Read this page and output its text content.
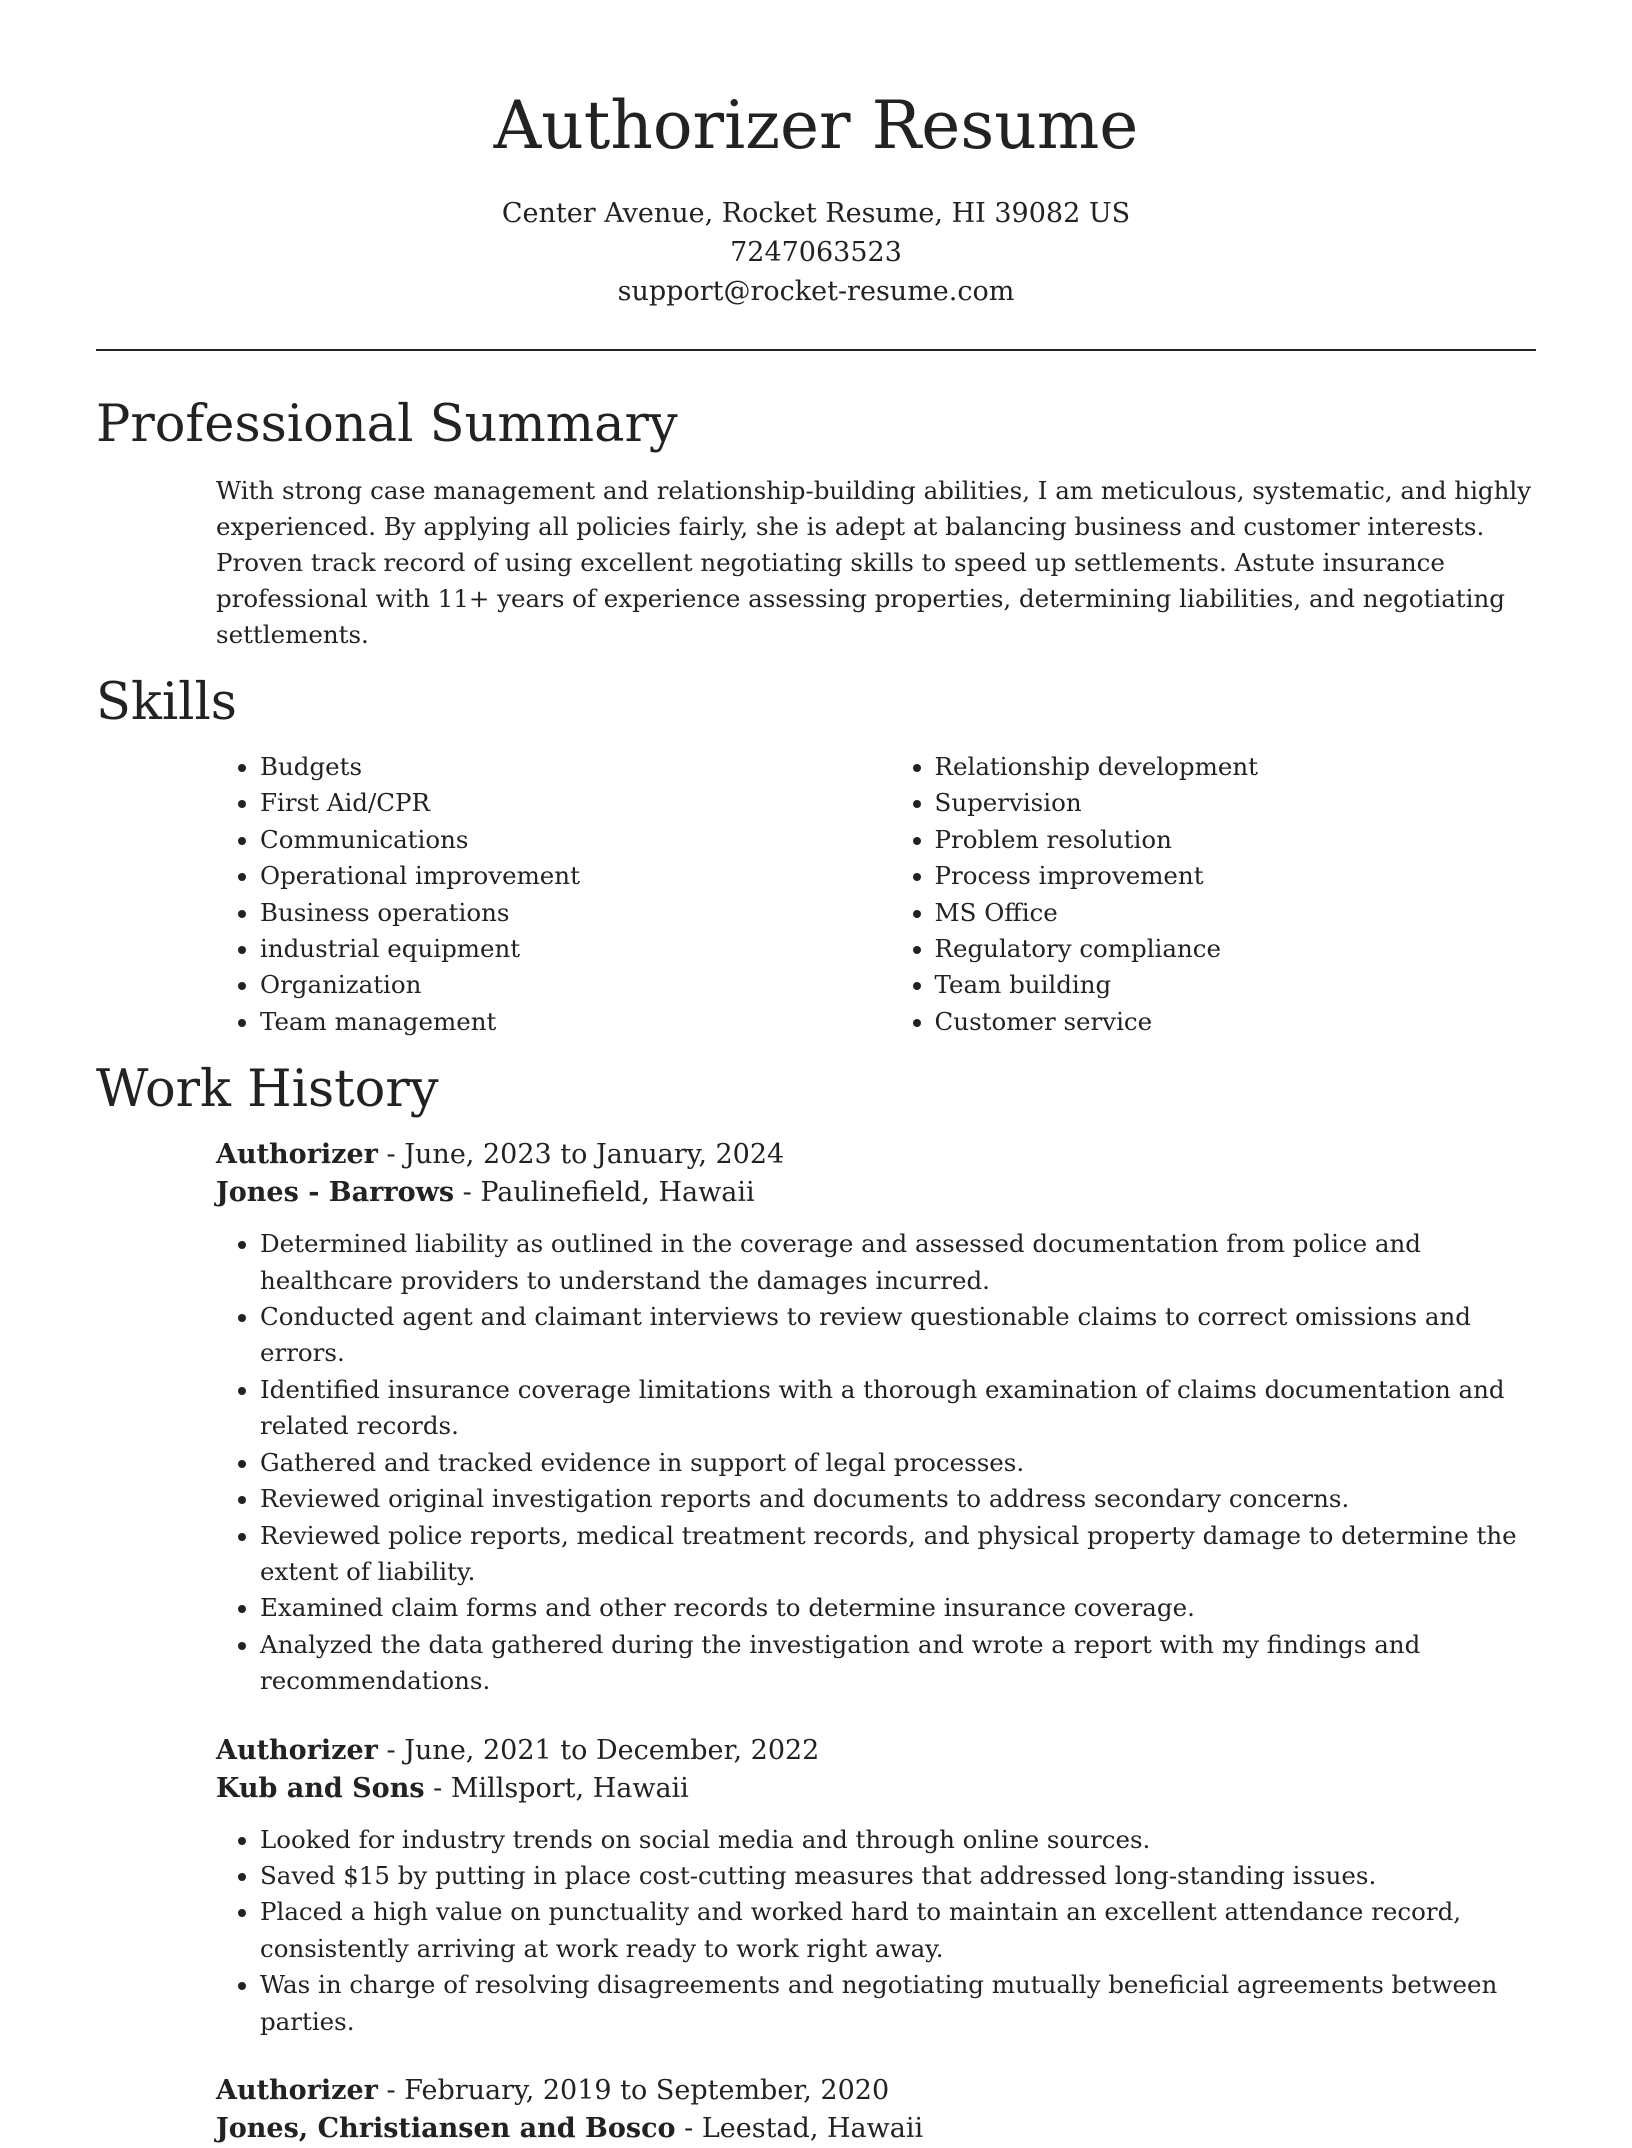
Authorizer Resume
Center Avenue, Rocket Resume, HI 39082 US
7247063523
support@rocket-resume.com
Professional Summary
With strong case management and relationship-building abilities, I am meticulous, systematic, and highly experienced. By applying all policies fairly, she is adept at balancing business and customer interests. Proven track record of using excellent negotiating skills to speed up settlements. Astute insurance professional with 11+ years of experience assessing properties, determining liabilities, and negotiating settlements.
Skills
• Budgets
• First Aid/CPR
• Communications
• Operational improvement
• Business operations
• industrial equipment
• Organization
• Team management
• Relationship development
• Supervision
• Problem resolution
• Process improvement
• MS Office
• Regulatory compliance
• Team building
• Customer service
Work History
Authorizer - June, 2023 to January, 2024
Jones - Barrows - Paulinefield, Hawaii
• Determined liability as outlined in the coverage and assessed documentation from police and healthcare providers to understand the damages incurred.
• Conducted agent and claimant interviews to review questionable claims to correct omissions and errors.
• Identified insurance coverage limitations with a thorough examination of claims documentation and related records.
• Gathered and tracked evidence in support of legal processes.
• Reviewed original investigation reports and documents to address secondary concerns.
• Reviewed police reports, medical treatment records, and physical property damage to determine the extent of liability.
• Examined claim forms and other records to determine insurance coverage.
• Analyzed the data gathered during the investigation and wrote a report with my findings and recommendations.
Authorizer - June, 2021 to December, 2022
Kub and Sons - Millsport, Hawaii
• Looked for industry trends on social media and through online sources.
• Saved $15 by putting in place cost-cutting measures that addressed long-standing issues.
• Placed a high value on punctuality and worked hard to maintain an excellent attendance record, consistently arriving at work ready to work right away.
• Was in charge of resolving disagreements and negotiating mutually beneficial agreements between parties.
Authorizer - February, 2019 to September, 2020
Jones, Christiansen and Bosco - Leestad, Hawaii
